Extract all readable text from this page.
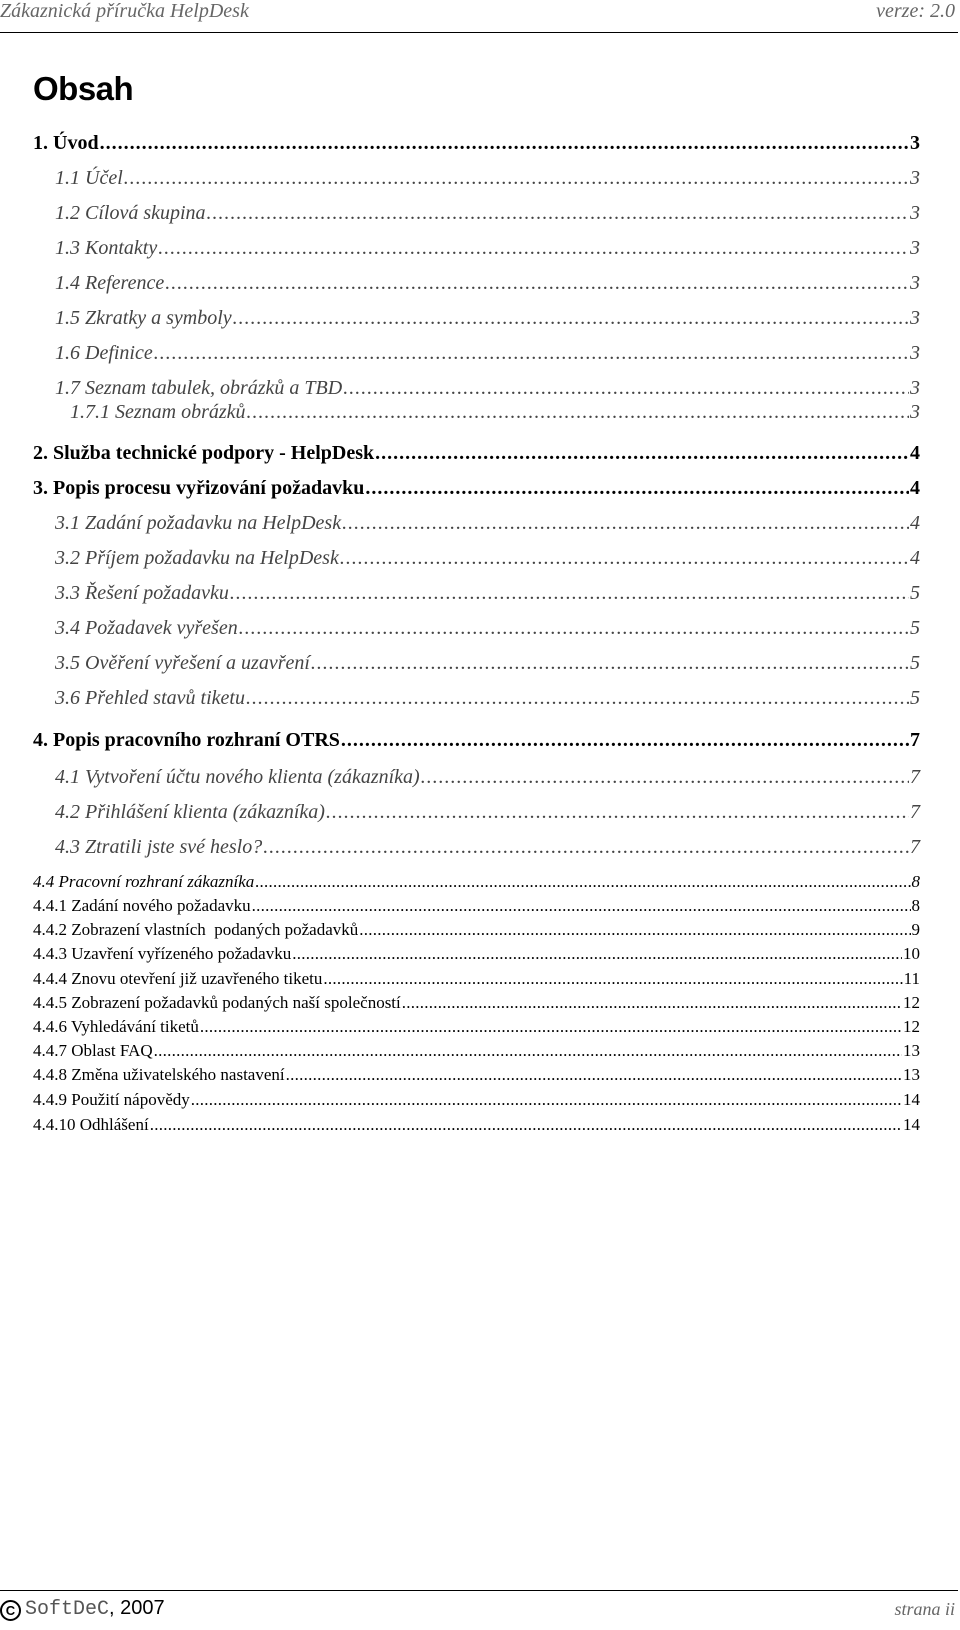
Zákaznická příručka HelpDesk	verze: 2.0
Obsah
1. Úvod . . .	3
1.1 Účel . . .	3
1.2 Cílová skupina . . .	3
1.3 Kontakty . . .	3
1.4 Reference . . .	3
1.5 Zkratky a symboly . . .	3
1.6 Definice . . .	3
1.7 Seznam tabulek, obrázků a TBD . . .	3
1.7.1 Seznam obrázků . . .	3
2. Služba technické podpory - HelpDesk . . .	4
3. Popis procesu vyřizování požadavku . . .	4
3.1 Zadání požadavku na HelpDesk . . .	4
3.2 Příjem požadavku na HelpDesk . . .	4
3.3 Řešení požadavku . . .	5
3.4 Požadavek vyřešen . . .	5
3.5 Ověření vyřešení a uzavření . . .	5
3.6 Přehled stavů tiketu . . .	5
4. Popis pracovního rozhraní OTRS . . .	7
4.1 Vytvoření účtu nového klienta (zákazníka) . . .	7
4.2 Přihlášení klienta (zákazníka) . . .	7
4.3 Ztratili jste své heslo? . . .	7
4.4 Pracovní rozhraní zákazníka . . .	8
4.4.1 Zadání nového požadavku . . .	8
4.4.2 Zobrazení vlastních  podaných požadavků . . .	9
4.4.3 Uzavření vyřízeného požadavku . . .	10
4.4.4 Znovu otevření již uzavřeného tiketu . . .	11
4.4.5 Zobrazení požadavků podaných naší společností . . .	12
4.4.6 Vyhledávání tiketů . . .	12
4.4.7 Oblast FAQ . . .	13
4.4.8 Změna uživatelského nastavení . . .	13
4.4.9 Použití nápovědy . . .	14
4.4.10 Odhlášení . . .	14
C SoftDeC, 2007	strana ii
